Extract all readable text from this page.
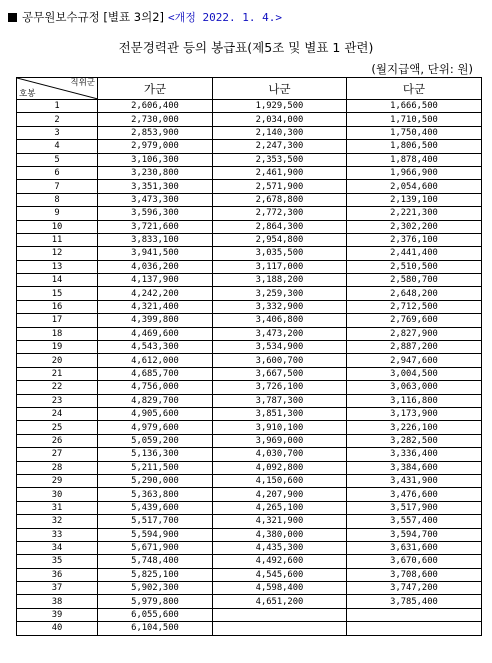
공무원보수규정 [별표 3의2] <개정 2022. 1. 4.>
전문경력관 등의 봉급표(제5조 및 별표 1 관련)
(월지급액, 단위: 원)
직위군
호봉	가군	나군	다군
1	2,606,400	1,929,500	1,666,500
2	2,730,000	2,034,000	1,710,500
3	2,853,900	2,140,300	1,750,400
4	2,979,000	2,247,300	1,806,500
5	3,106,300	2,353,500	1,878,400
6	3,230,800	2,461,900	1,966,900
7	3,351,300	2,571,900	2,054,600
8	3,473,300	2,678,800	2,139,100
9	3,596,300	2,772,300	2,221,300
10	3,721,600	2,864,300	2,302,200
11	3,833,100	2,954,800	2,376,100
12	3,941,500	3,035,500	2,441,400
13	4,036,200	3,117,000	2,510,500
14	4,137,900	3,188,200	2,580,700
15	4,242,200	3,259,300	2,648,200
16	4,321,400	3,332,900	2,712,500
17	4,399,800	3,406,800	2,769,600
18	4,469,600	3,473,200	2,827,900
19	4,543,300	3,534,900	2,887,200
20	4,612,000	3,600,700	2,947,600
21	4,685,700	3,667,500	3,004,500
22	4,756,000	3,726,100	3,063,000
23	4,829,700	3,787,300	3,116,800
24	4,905,600	3,851,300	3,173,900
25	4,979,600	3,910,100	3,226,100
26	5,059,200	3,969,000	3,282,500
27	5,136,300	4,030,700	3,336,400
28	5,211,500	4,092,800	3,384,600
29	5,290,000	4,150,600	3,431,900
30	5,363,800	4,207,900	3,476,600
31	5,439,600	4,265,100	3,517,900
32	5,517,700	4,321,900	3,557,400
33	5,594,900	4,380,000	3,594,700
34	5,671,900	4,435,300	3,631,600
35	5,748,400	4,492,600	3,670,600
36	5,825,100	4,545,600	3,708,600
37	5,902,300	4,598,400	3,747,200
38	5,979,800	4,651,200	3,785,400
39	6,055,600		
40	6,104,500		
